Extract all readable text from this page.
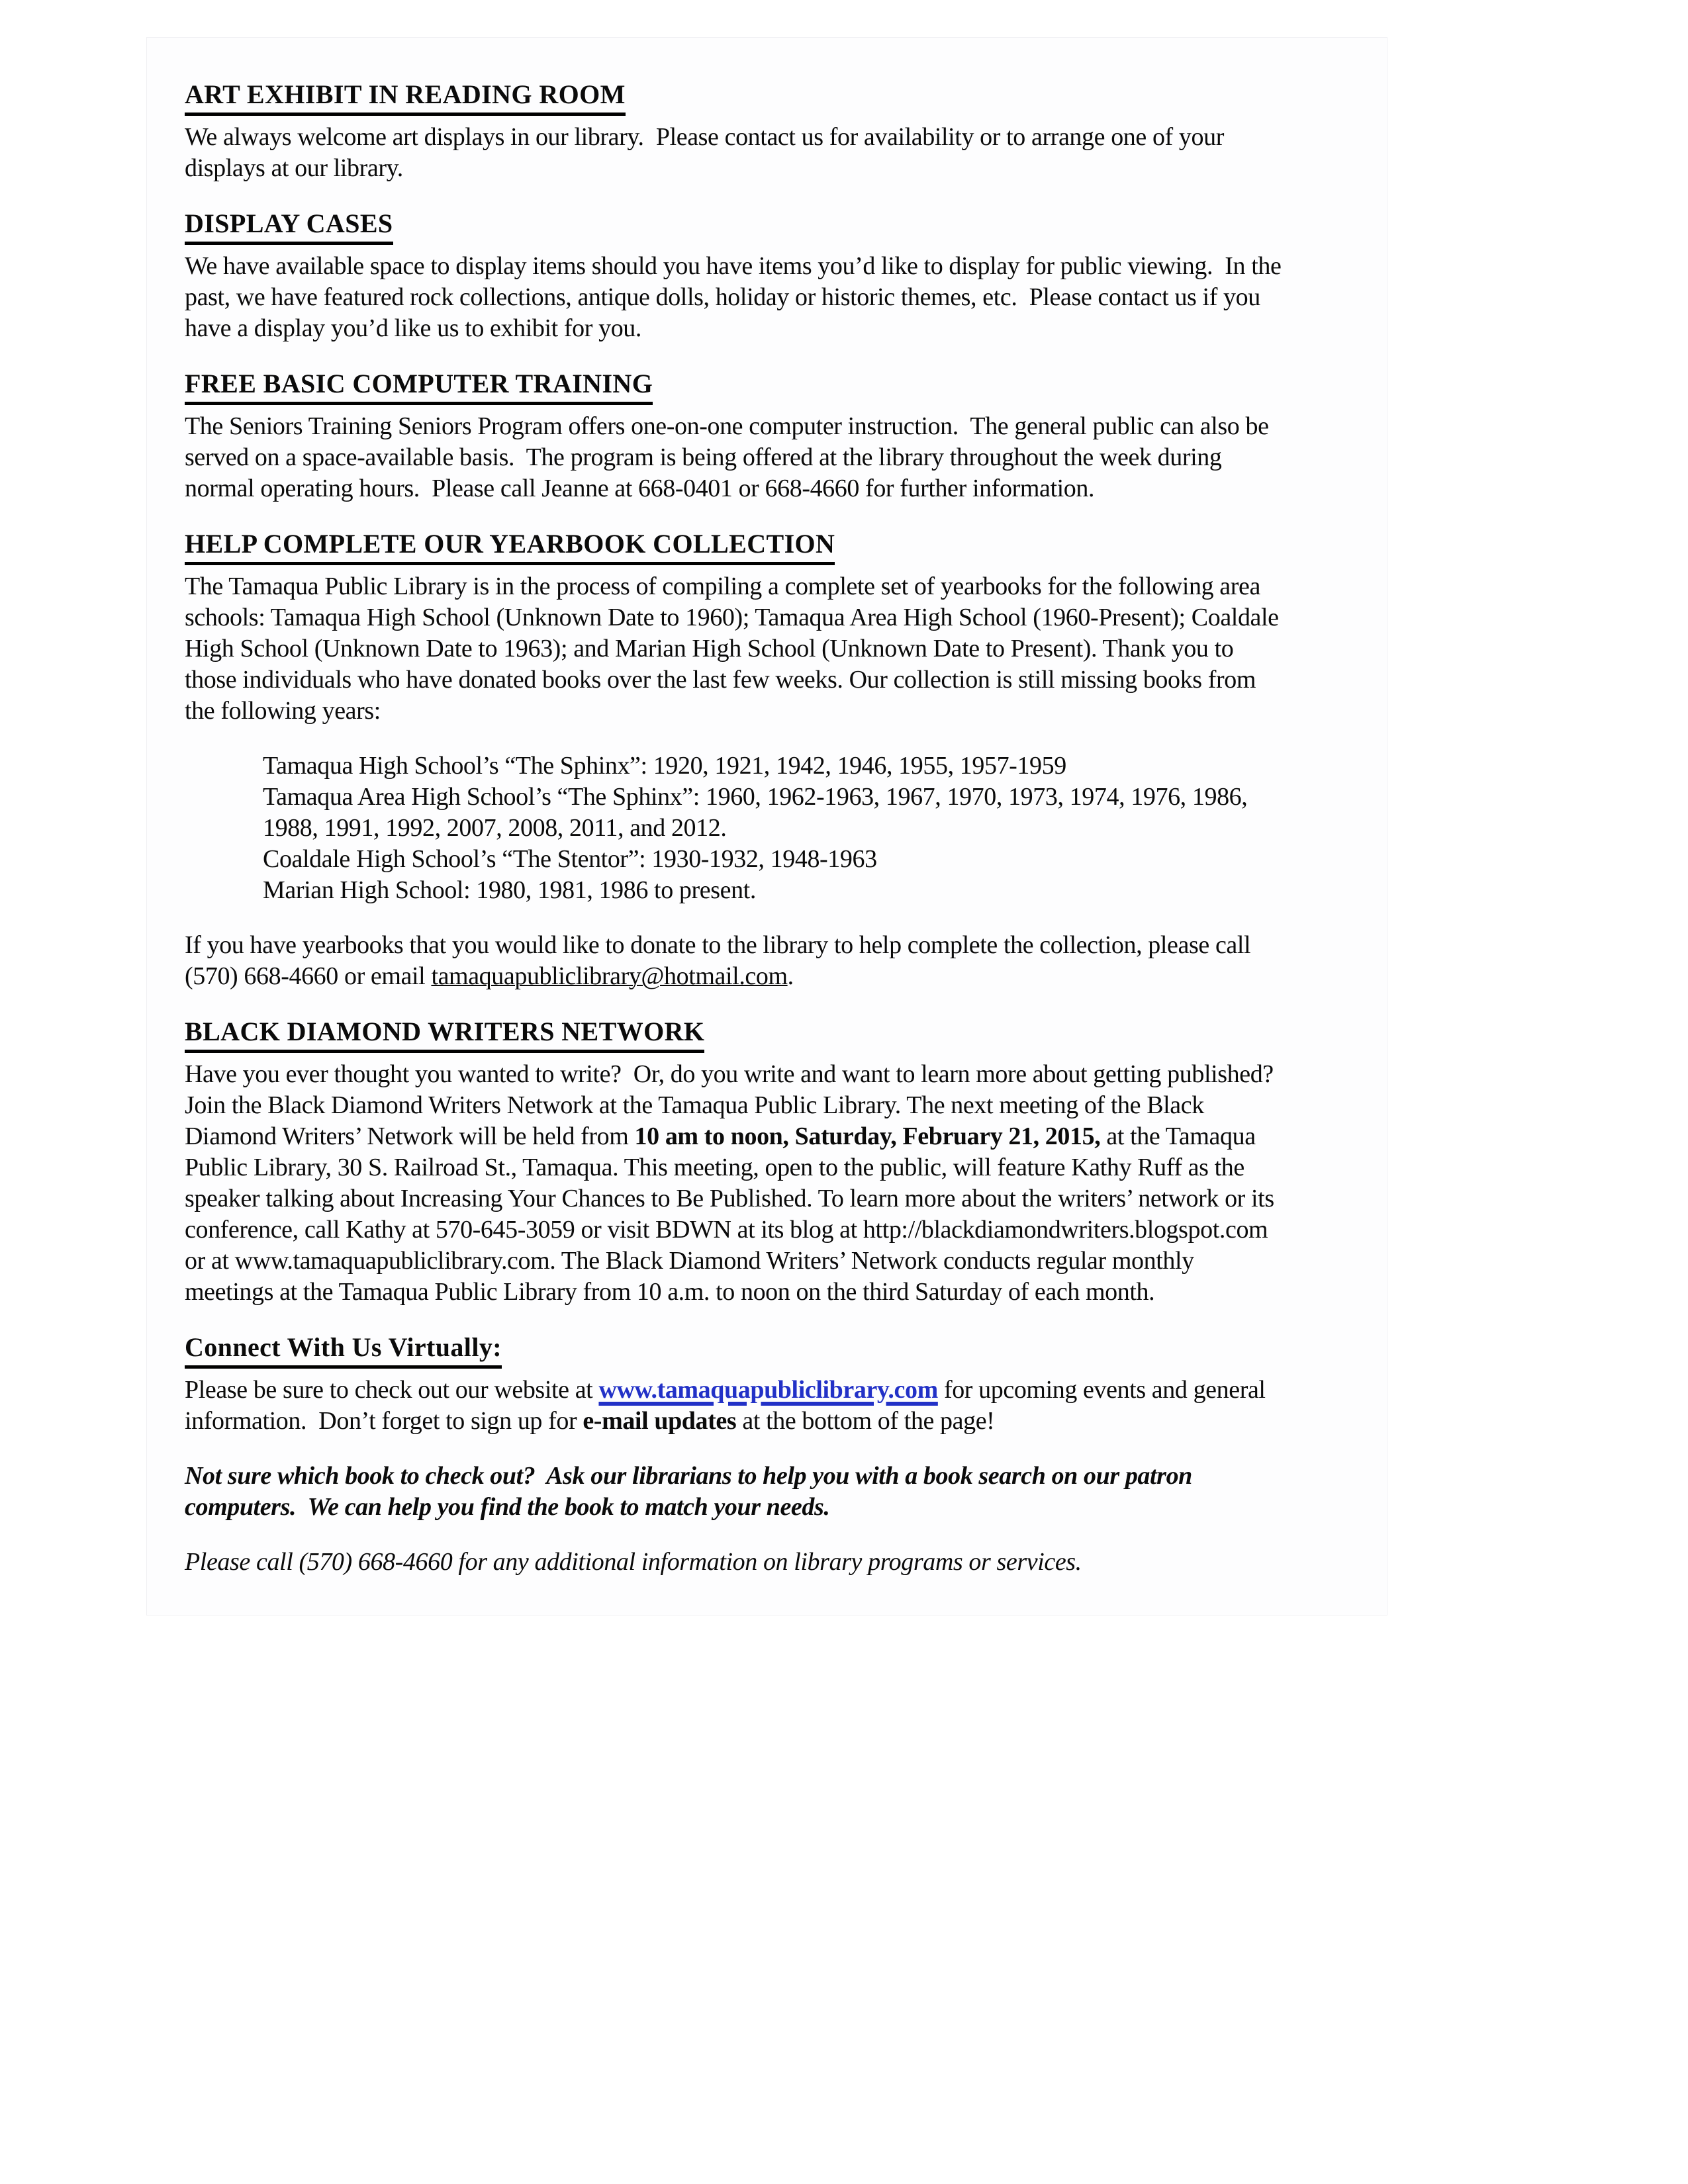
ART EXHIBIT IN READING ROOM
We always welcome art displays in our library.  Please contact us for availability or to arrange one of your
displays at our library.
DISPLAY CASES
We have available space to display items should you have items you’d like to display for public viewing.  In the
past, we have featured rock collections, antique dolls, holiday or historic themes, etc.  Please contact us if you
have a display you’d like us to exhibit for you.
FREE BASIC COMPUTER TRAINING
The Seniors Training Seniors Program offers one-on-one computer instruction.  The general public can also be
served on a space-available basis.  The program is being offered at the library throughout the week during
normal operating hours.  Please call Jeanne at 668-0401 or 668-4660 for further information.
HELP COMPLETE OUR YEARBOOK COLLECTION
The Tamaqua Public Library is in the process of compiling a complete set of yearbooks for the following area
schools: Tamaqua High School (Unknown Date to 1960); Tamaqua Area High School (1960-Present); Coaldale
High School (Unknown Date to 1963); and Marian High School (Unknown Date to Present). Thank you to
those individuals who have donated books over the last few weeks. Our collection is still missing books from
the following years:
Tamaqua High School’s “The Sphinx”: 1920, 1921, 1942, 1946, 1955, 1957-1959
Tamaqua Area High School’s “The Sphinx”: 1960, 1962-1963, 1967, 1970, 1973, 1974, 1976, 1986,
1988, 1991, 1992, 2007, 2008, 2011, and 2012.
Coaldale High School’s “The Stentor”: 1930-1932, 1948-1963
Marian High School: 1980, 1981, 1986 to present.
If you have yearbooks that you would like to donate to the library to help complete the collection, please call
(570) 668-4660 or email tamaquapubliclibrary@hotmail.com.
BLACK DIAMOND WRITERS NETWORK
Have you ever thought you wanted to write?  Or, do you write and want to learn more about getting published?
Join the Black Diamond Writers Network at the Tamaqua Public Library. The next meeting of the Black
Diamond Writers’ Network will be held from 10 am to noon, Saturday, February 21, 2015, at the Tamaqua
Public Library, 30 S. Railroad St., Tamaqua. This meeting, open to the public, will feature Kathy Ruff as the
speaker talking about Increasing Your Chances to Be Published. To learn more about the writers’ network or its
conference, call Kathy at 570-645-3059 or visit BDWN at its blog at http://blackdiamondwriters.blogspot.com
or at www.tamaquapubliclibrary.com. The Black Diamond Writers’ Network conducts regular monthly
meetings at the Tamaqua Public Library from 10 a.m. to noon on the third Saturday of each month.
Connect With Us Virtually:
Please be sure to check out our website at www.tamaquapubliclibrary.com for upcoming events and general
information.  Don’t forget to sign up for e-mail updates at the bottom of the page!
Not sure which book to check out?  Ask our librarians to help you with a book search on our patron
computers.  We can help you find the book to match your needs.
Please call (570) 668-4660 for any additional information on library programs or services.
